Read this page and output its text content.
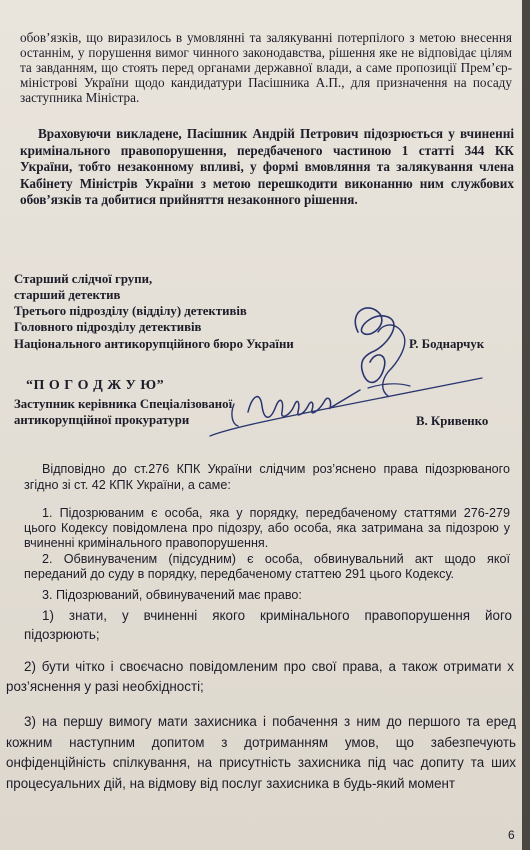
обов’язків, що виразилось в умовлянні та залякуванні потерпілого з метою внесення останнім, у порушення вимог чинного законодавства, рішення яке не відповідає цілям та завданням, що стоять перед органами державної влади, а саме пропозиції Прем’єр-міністрові України щодо кандидатури Пасішника А.П., для призначення на посаду заступника Міністра.

Враховуючи викладене, Пасішник Андрій Петрович підозрюється у вчиненні кримінального правопорушення, передбаченого частиною 1 статті 344 КК України, тобто незаконному впливі, у формі вмовляння та залякування члена Кабінету Міністрів України з метою перешкодити виконанню ним службових обов’язків та добитися прийняття незаконного рішення.

Старший слідчої групи,

старший детектив

Третього підрозділу (відділу) детективів

Головного підрозділу детективів

Національного антикорупційного бюро України	Р. Боднарчук

“П О Г О Д Ж У Ю”

Заступник керівника Спеціалізованої

антикорупційної прокуратури	В. Кривенко

Відповідно до ст.276 КПК України слідчим роз’яснено права підозрюваного згідно зі ст. 42 КПК України, а саме:

1. Підозрюваним є особа, яка у порядку, передбаченому статтями 276-279 цього Кодексу повідомлена про підозру, або особа, яка затримана за підозрою у вчиненні кримінального правопорушення.

2. Обвинуваченим (підсудним) є особа, обвинувальний акт щодо якої переданий до суду в порядку, передбаченому статтею 291 цього Кодексу.

3. Підозрюваний, обвинувачений має право:

1) знати, у вчиненні якого кримінального правопорушення його підозрюють;

2) бути чітко і своєчасно повідомленим про свої права, а також отримати х роз’яснення у разі необхідності;

3) на першу вимогу мати захисника і побачення з ним до першого та еред кожним наступним допитом з дотриманням умов, що забезпечують онфіденційність спілкування, на присутність захисника під час допиту та ших процесуальних дій, на відмову від послуг захисника в будь-який момент

6
